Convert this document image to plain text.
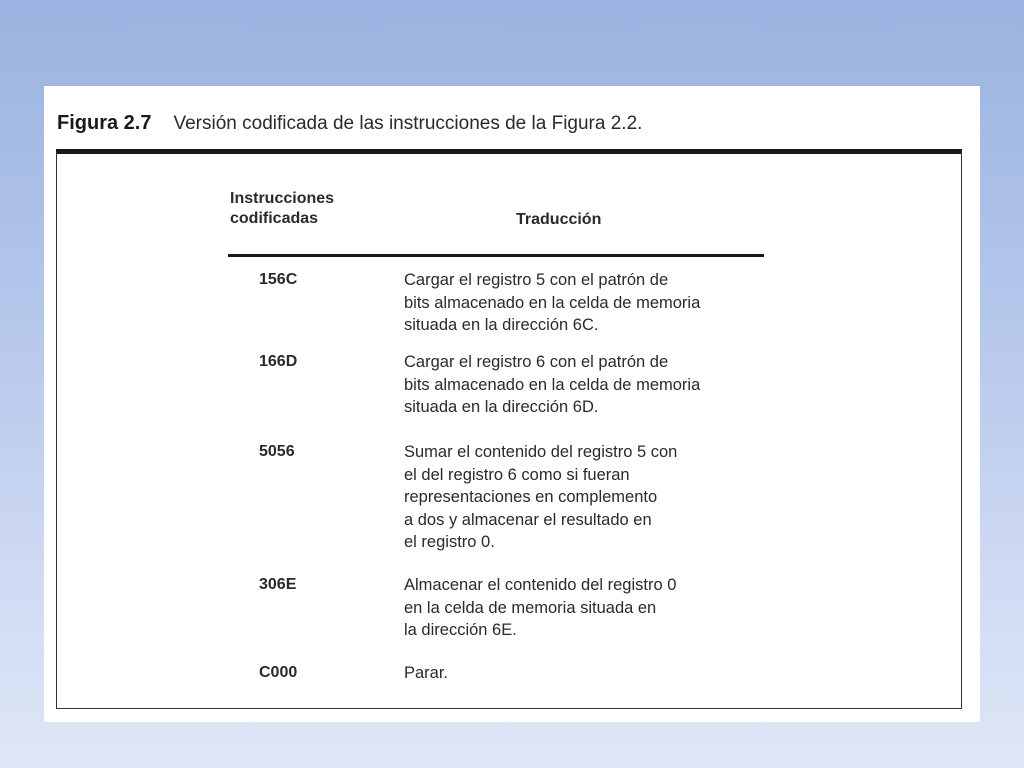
Figura 2.7 Versión codificada de las instrucciones de la Figura 2.2.
Instrucciones
codificadas	Traducción
156C	Cargar el registro 5 con el patrón de
bits almacenado en la celda de memoria
situada en la dirección 6C.
166D	Cargar el registro 6 con el patrón de
bits almacenado en la celda de memoria
situada en la dirección 6D.
5056	Sumar el contenido del registro 5 con
el del registro 6 como si fueran
representaciones en complemento
a dos y almacenar el resultado en
el registro 0.
306E	Almacenar el contenido del registro 0
en la celda de memoria situada en
la dirección 6E.
C000	Parar.
